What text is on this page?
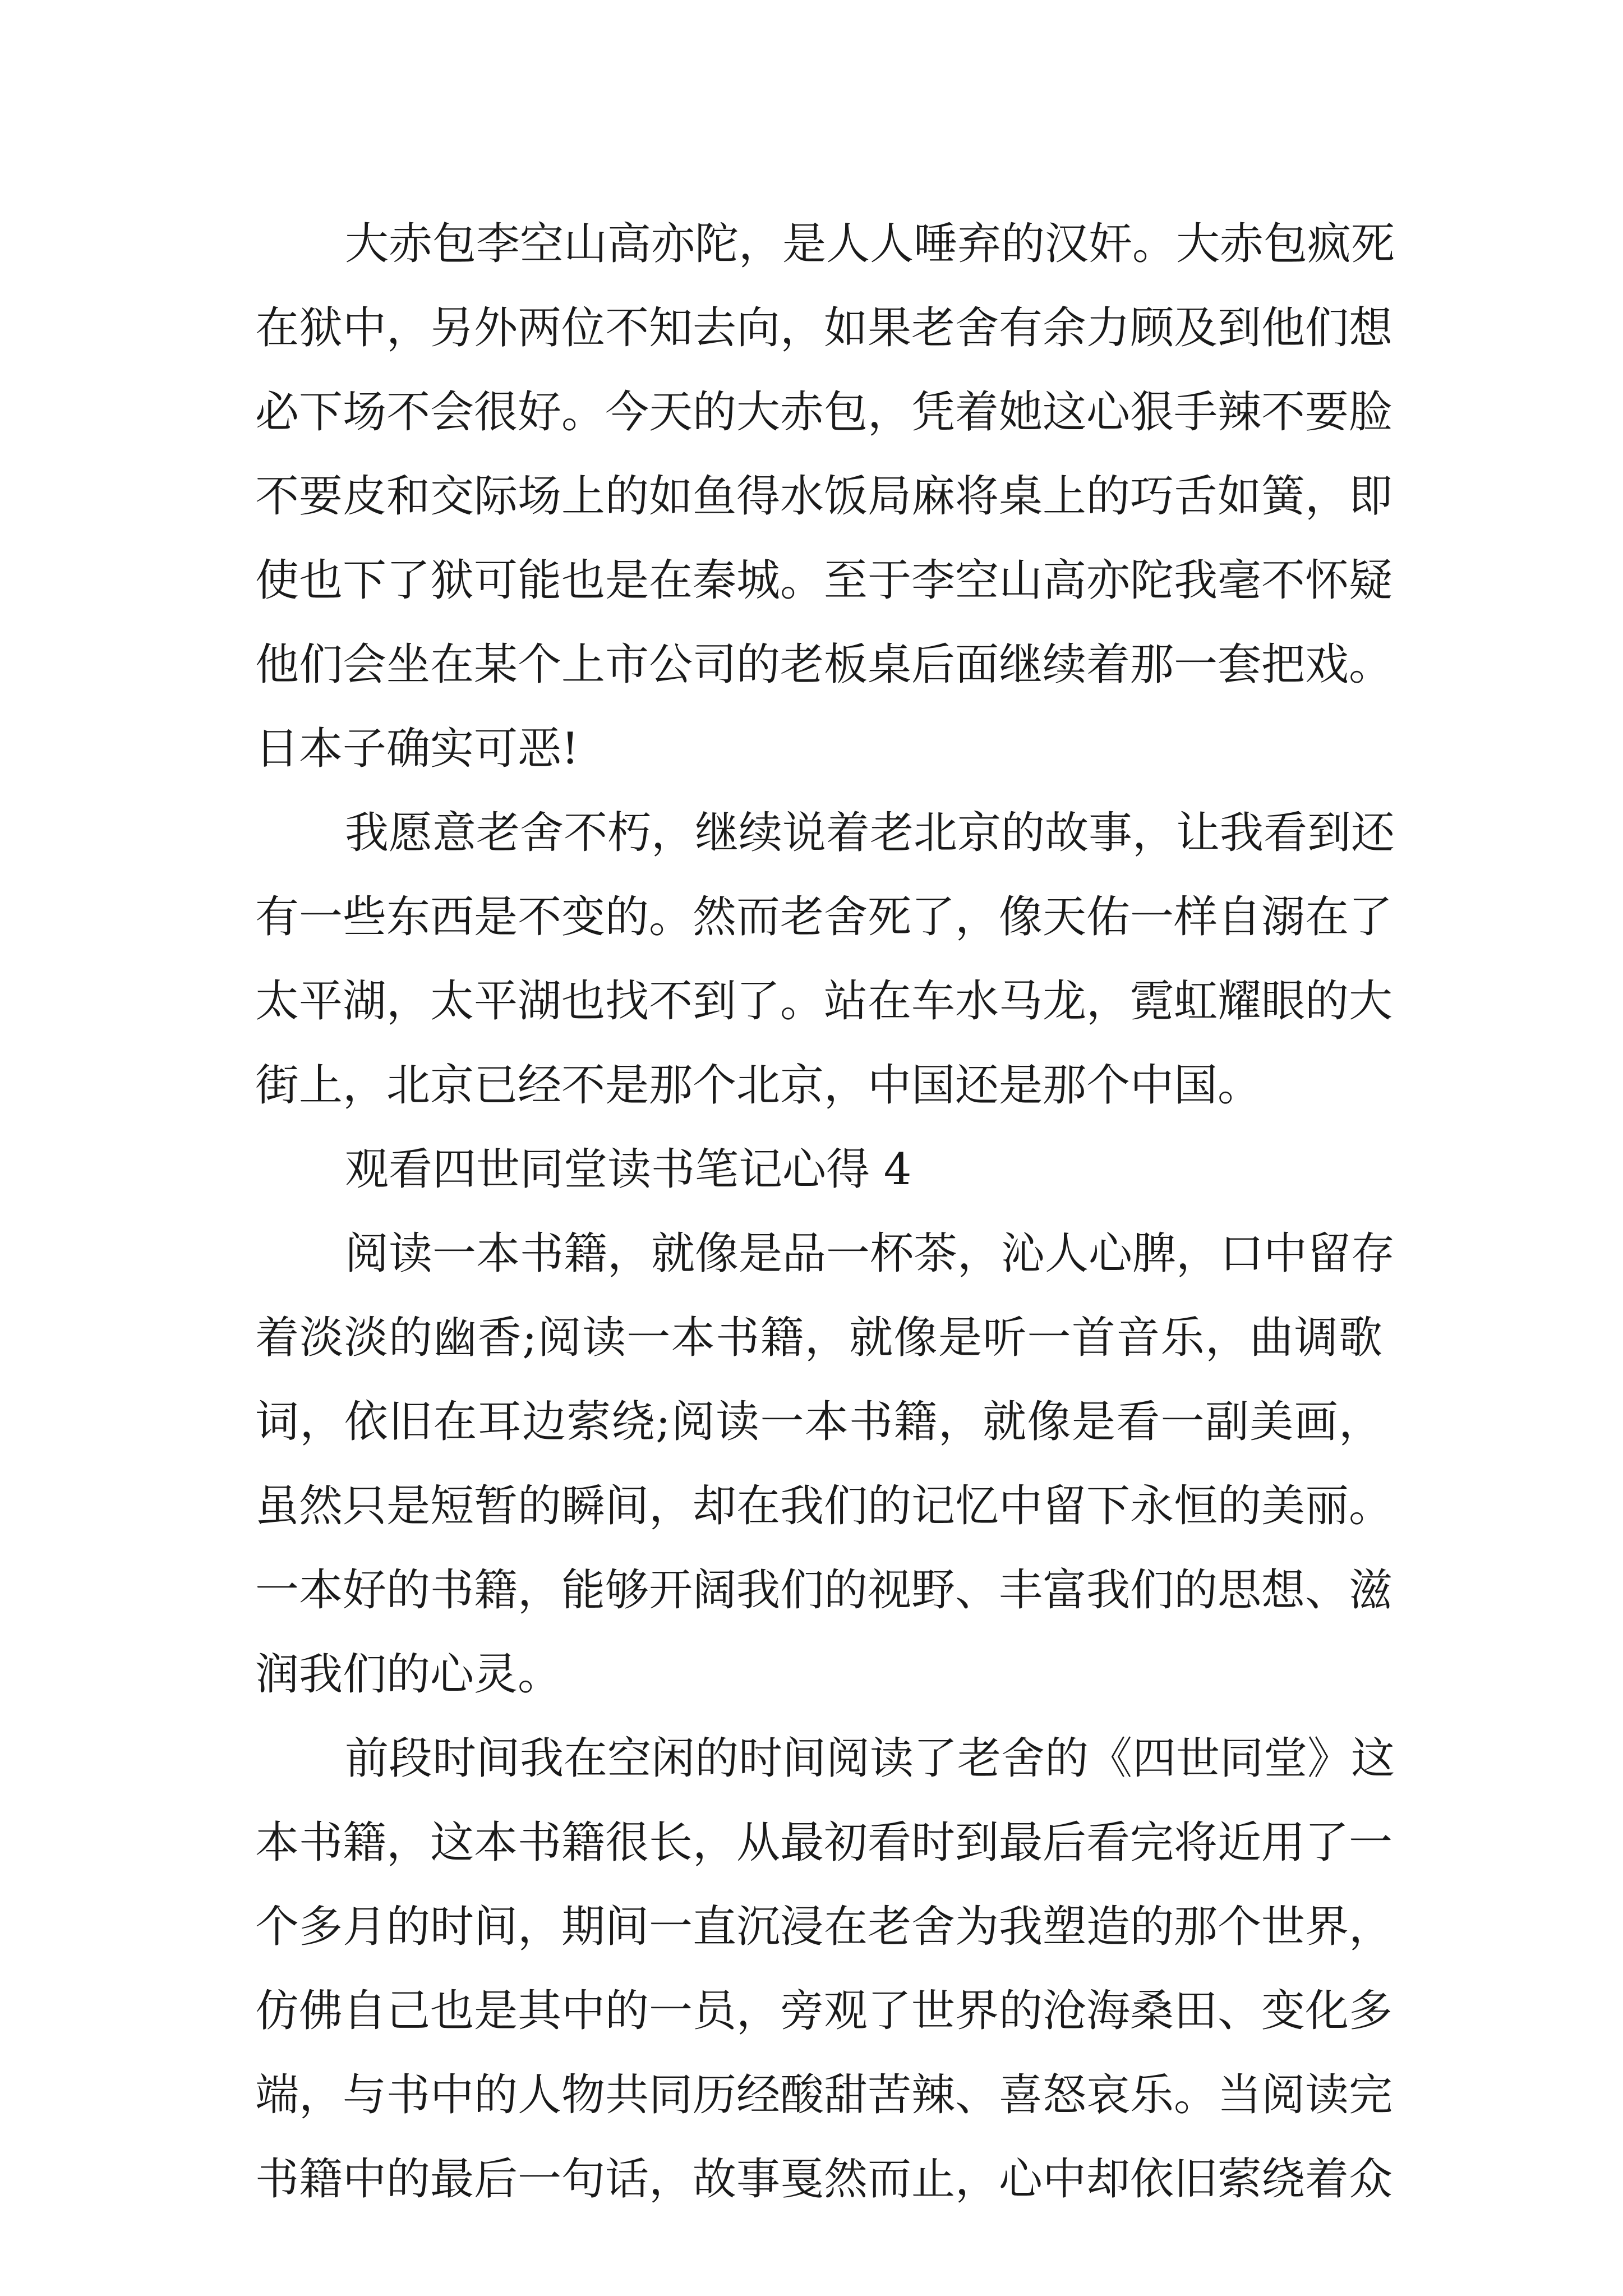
大赤包李空山高亦陀，是人人唾弃的汉奸。大赤包疯死
在狱中，另外两位不知去向，如果老舍有余力顾及到他们想
必下场不会很好。今天的大赤包，凭着她这心狠手辣不要脸
不要皮和交际场上的如鱼得水饭局麻将桌上的巧舌如簧，即
使也下了狱可能也是在秦城。至于李空山高亦陀我毫不怀疑
他们会坐在某个上市公司的老板桌后面继续着那一套把戏。
日本子确实可恶!
我愿意老舍不朽，继续说着老北京的故事，让我看到还
有一些东西是不变的。然而老舍死了，像天佑一样自溺在了
太平湖，太平湖也找不到了。站在车水马龙，霓虹耀眼的大
街上，北京已经不是那个北京，中国还是那个中国。
观看四世同堂读书笔记心得 4
阅读一本书籍，就像是品一杯茶，沁人心脾，口中留存
着淡淡的幽香;阅读一本书籍，就像是听一首音乐，曲调歌
词，依旧在耳边萦绕;阅读一本书籍，就像是看一副美画，
虽然只是短暂的瞬间，却在我们的记忆中留下永恒的美丽。
一本好的书籍，能够开阔我们的视野、丰富我们的思想、滋
润我们的心灵。
前段时间我在空闲的时间阅读了老舍的《四世同堂》这
本书籍，这本书籍很长，从最初看时到最后看完将近用了一
个多月的时间，期间一直沉浸在老舍为我塑造的那个世界，
仿佛自己也是其中的一员，旁观了世界的沧海桑田、变化多
端，与书中的人物共同历经酸甜苦辣、喜怒哀乐。当阅读完
书籍中的最后一句话，故事戛然而止，心中却依旧萦绕着众
